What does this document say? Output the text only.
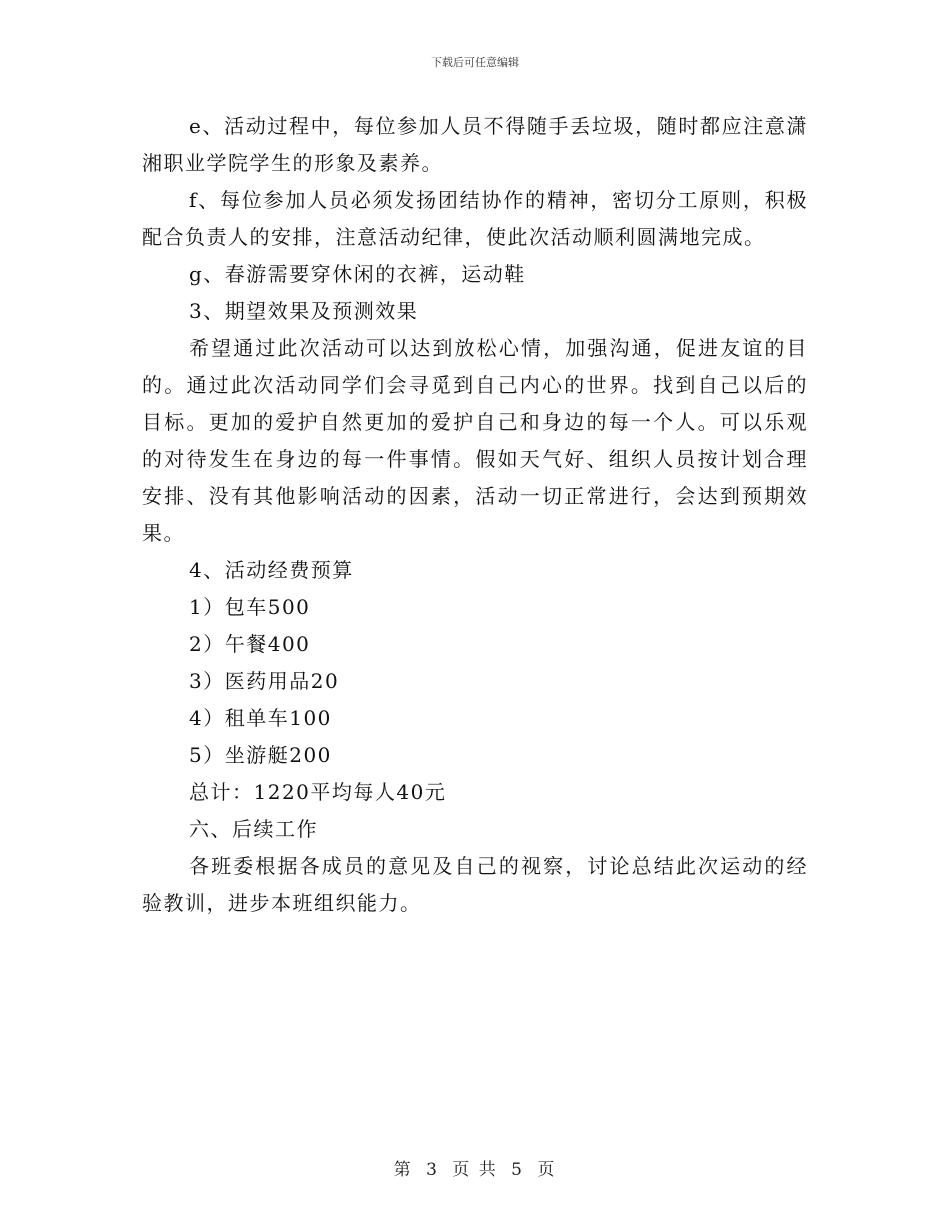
下载后可任意编辑

e、活动过程中，每位参加人员不得随手丢垃圾，随时都应注意潇湘职业学院学生的形象及素养。

f、每位参加人员必须发扬团结协作的精神，密切分工原则，积极配合负责人的安排，注意活动纪律，使此次活动顺利圆满地完成。

g、春游需要穿休闲的衣裤，运动鞋

3、期望效果及预测效果

希望通过此次活动可以达到放松心情，加强沟通，促进友谊的目的。通过此次活动同学们会寻觅到自己内心的世界。找到自己以后的目标。更加的爱护自然更加的爱护自己和身边的每一个人。可以乐观的对待发生在身边的每一件事情。假如天气好、组织人员按计划合理安排、没有其他影响活动的因素，活动一切正常进行，会达到预期效果。

4、活动经费预算

1）包车500

2）午餐400

3）医药用品20

4）租单车100

5）坐游艇200

总计：1220平均每人40元

六、后续工作

各班委根据各成员的意见及自己的视察，讨论总结此次运动的经验教训，进步本班组织能力。

第 3 页 共 5 页
